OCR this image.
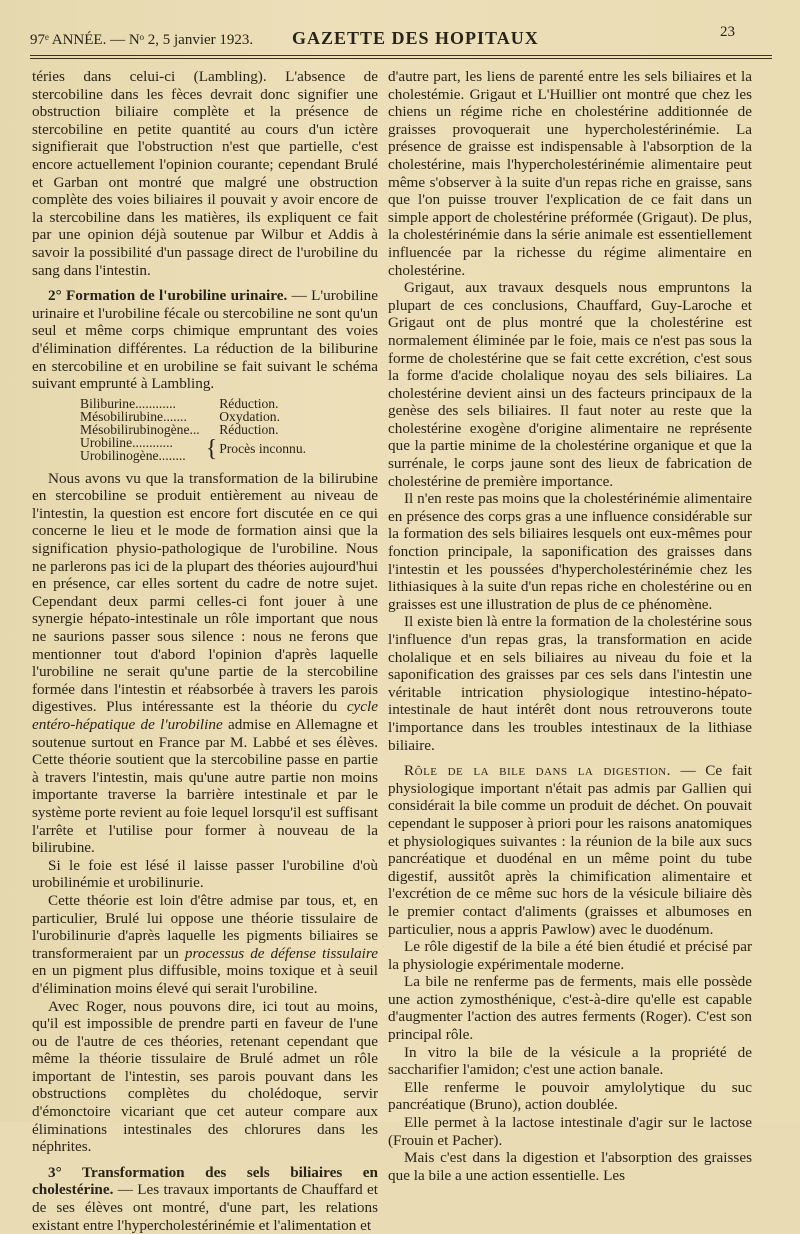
97ᵉ ANNÉE. — Nᵒ 2, 5 janvier 1923. GAZETTE DES HOPITAUX	23

téries dans celui-ci (Lambling). L'absence de stercobiline dans les fèces devrait donc signifier une obstruction biliaire complète et la présence de stercobiline en petite quantité au cours d'un ictère signifierait que l'obstruction n'est que partielle, c'est encore actuellement l'opinion courante; cependant Brulé et Garban ont montré que malgré une obstruction complète des voies biliaires il pouvait y avoir encore de la stercobiline dans les matières, ils expliquent ce fait par une opinion déjà soutenue par Wilbur et Addis à savoir la possibilité d'un passage direct de l'urobiline du sang dans l'intestin.

2° Formation de l'urobiline urinaire. — L'urobiline urinaire et l'urobiline fécale ou stercobiline ne sont qu'un seul et même corps chimique empruntant des voies d'élimination différentes. La réduction de la biliburine en stercobiline et en urobiline se fait suivant le schéma suivant emprunté à Lambling.

Biliburine............		Réduction.
Mésobilirubine.......		Oxydation.
Mésobilirubinogène...		Réduction.
Urobiline............	{	Procès inconnu.
Urobilinogène........		

Nous avons vu que la transformation de la bilirubine en stercobiline se produit entièrement au niveau de l'intestin, la question est encore fort discutée en ce qui concerne le lieu et le mode de formation ainsi que la signification physio-pathologique de l'urobiline. Nous ne parlerons pas ici de la plupart des théories aujourd'hui en présence, car elles sortent du cadre de notre sujet. Cependant deux parmi celles-ci font jouer à une synergie hépato-intestinale un rôle important que nous ne saurions passer sous silence : nous ne ferons que mentionner tout d'abord l'opinion d'après laquelle l'urobiline ne serait qu'une partie de la stercobiline formée dans l'intestin et réabsorbée à travers les parois digestives. Plus intéressante est la théorie du cycle entéro-hépatique de l'urobiline admise en Allemagne et soutenue surtout en France par M. Labbé et ses élèves. Cette théorie soutient que la stercobiline passe en partie à travers l'intestin, mais qu'une autre partie non moins importante traverse la barrière intestinale et par le système porte revient au foie lequel lorsqu'il est suffisant l'arrête et l'utilise pour former à nouveau de la bilirubine.

Si le foie est lésé il laisse passer l'urobiline d'où urobilinémie et urobilinurie.

Cette théorie est loin d'être admise par tous, et, en particulier, Brulé lui oppose une théorie tissulaire de l'urobilinurie d'après laquelle les pigments biliaires se transformeraient par un processus de défense tissulaire en un pigment plus diffusible, moins toxique et à seuil d'élimination moins élevé qui serait l'urobiline.

Avec Roger, nous pouvons dire, ici tout au moins, qu'il est impossible de prendre parti en faveur de l'une ou de l'autre de ces théories, retenant cependant que même la théorie tissulaire de Brulé admet un rôle important de l'intestin, ses parois pouvant dans les obstructions complètes du cholédoque, servir d'émonctoire vicariant que cet auteur compare aux éliminations intestinales des chlorures dans les néphrites.

3° Transformation des sels biliaires en cholestérine. — Les travaux importants de Chauffard et de ses élèves ont montré, d'une part, les relations existant entre l'hypercholestérinémie et l'alimentation et

d'autre part, les liens de parenté entre les sels biliaires et la cholestémie. Grigaut et L'Huillier ont montré que chez les chiens un régime riche en cholestérine additionnée de graisses provoquerait une hypercholestérinémie. La présence de graisse est indispensable à l'absorption de la cholestérine, mais l'hypercholestérinémie alimentaire peut même s'observer à la suite d'un repas riche en graisse, sans que l'on puisse trouver l'explication de ce fait dans un simple apport de cholestérine préformée (Grigaut). De plus, la cholestérinémie dans la série animale est essentiellement influencée par la richesse du régime alimentaire en cholestérine.

Grigaut, aux travaux desquels nous empruntons la plupart de ces conclusions, Chauffard, Guy-Laroche et Grigaut ont de plus montré que la cholestérine est normalement éliminée par le foie, mais ce n'est pas sous la forme de cholestérine que se fait cette excrétion, c'est sous la forme d'acide cholalique noyau des sels biliaires. La cholestérine devient ainsi un des facteurs principaux de la genèse des sels biliaires. Il faut noter au reste que la cholestérine exogène d'origine alimentaire ne représente que la partie minime de la cholestérine organique et que la surrénale, le corps jaune sont des lieux de fabrication de cholestérine de première importance.

Il n'en reste pas moins que la cholestérinémie alimentaire en présence des corps gras a une influence considérable sur la formation des sels biliaires lesquels ont eux-mêmes pour fonction principale, la saponification des graisses dans l'intestin et les poussées d'hypercholestérinémie chez les lithiasiques à la suite d'un repas riche en cholestérine ou en graisses est une illustration de plus de ce phénomène.

Il existe bien là entre la formation de la cholestérine sous l'influence d'un repas gras, la transformation en acide cholalique et en sels biliaires au niveau du foie et la saponification des graisses par ces sels dans l'intestin une véritable intrication physiologique intestino-hépato-intestinale de haut intérêt dont nous retrouverons toute l'importance dans les troubles intestinaux de la lithiase biliaire.

Rôle de la bile dans la digestion. — Ce fait physiologique important n'était pas admis par Gallien qui considérait la bile comme un produit de déchet. On pouvait cependant le supposer à priori pour les raisons anatomiques et physiologiques suivantes : la réunion de la bile aux sucs pancréatique et duodénal en un même point du tube digestif, aussitôt après la chimification alimentaire et l'excrétion de ce même suc hors de la vésicule biliaire dès le premier contact d'aliments (graisses et albumoses en particulier, nous a appris Pawlow) avec le duodénum.

Le rôle digestif de la bile a été bien étudié et précisé par la physiologie expérimentale moderne.

La bile ne renferme pas de ferments, mais elle possède une action zymosthénique, c'est-à-dire qu'elle est capable d'augmenter l'action des autres ferments (Roger). C'est son principal rôle.

In vitro la bile de la vésicule a la propriété de saccharifier l'amidon; c'est une action banale.

Elle renferme le pouvoir amylolytique du suc pancréatique (Bruno), action doublée.

Elle permet à la lactose intestinale d'agir sur le lactose (Frouin et Pacher).

Mais c'est dans la digestion et l'absorption des graisses que la bile a une action essentielle. Les
